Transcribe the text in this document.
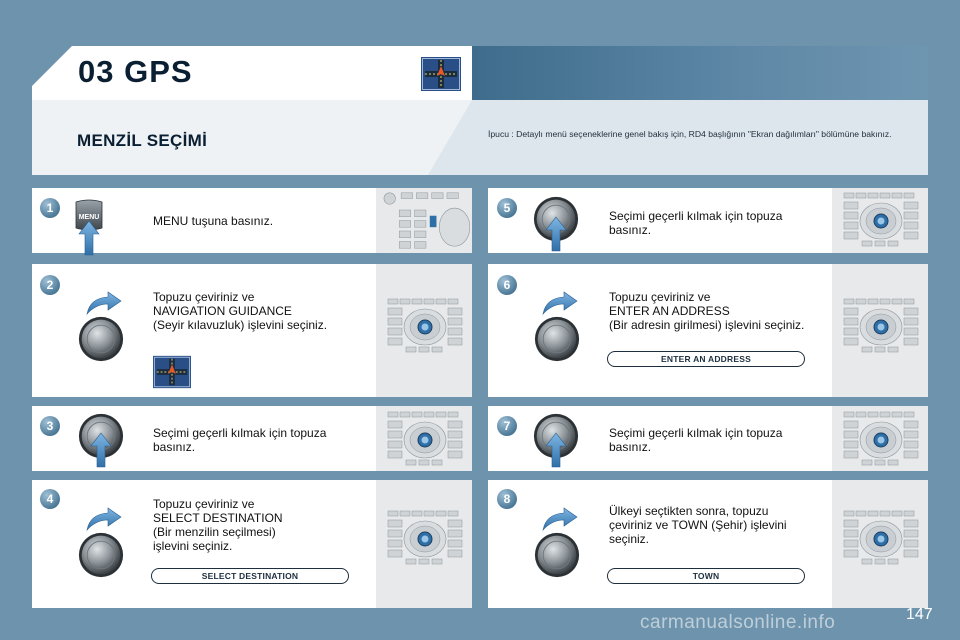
03 GPS
MENZİL SEÇİMİ	İpucu : Detaylı menü seçeneklerine genel bakış için, RD4 başlığının "Ekran dağılımları" bölümüne bakınız.
1
MENU	MENU tuşuna basınız.
2
Topuzu çeviriniz ve
NAVIGATION GUIDANCE
(Seyir kılavuzluk) işlevini seçiniz.
3	Seçimi geçerli kılmak için topuza
basınız.
4	Topuzu çeviriniz ve
SELECT DESTINATION
(Bir menzilin seçilmesi)
işlevini seçiniz.
SELECT DESTINATION
5
Seçimi geçerli kılmak için topuza
basınız.
6
Topuzu çeviriniz ve
ENTER AN ADDRESS
(Bir adresin girilmesi) işlevini seçiniz.
ENTER AN ADDRESS
7	Seçimi geçerli kılmak için topuza
basınız.
8
Ülkeyi seçtikten sonra, topuzu
çeviriniz ve TOWN (Şehir) işlevini
seçiniz.
TOWN
carmanualsonline.info	147
